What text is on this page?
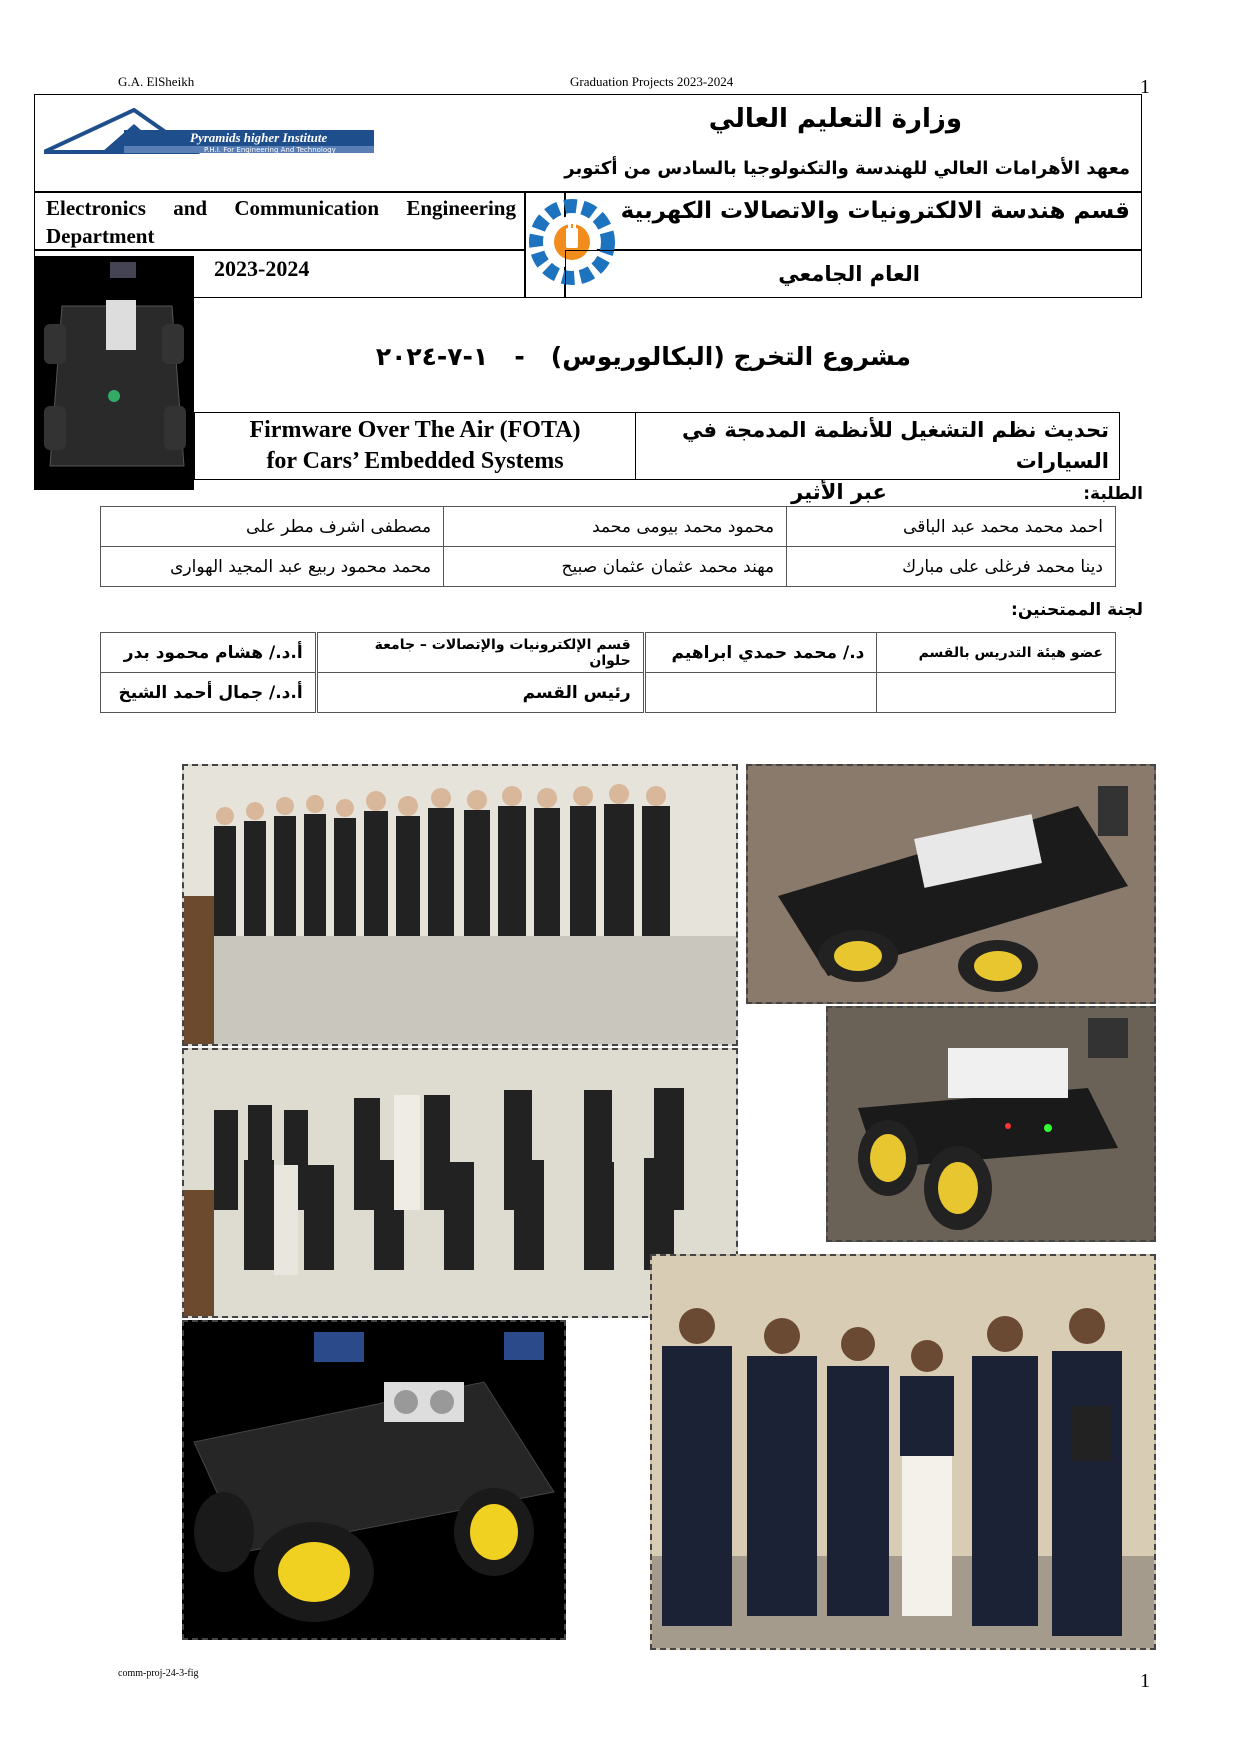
G.A. ElSheikh	Graduation Projects 2023-2024	1
Pyramids higher Institute
P.H.I. For Engineering And Technology
وزارة التعليم العالي
معهد الأهرامات العالي للهندسة والتكنولوجيا بالسادس من أكتوبر
Electronics and Communication Engineering Department
قسم هندسة الالكترونيات والاتصالات الكهربية
2023-2024	العام الجامعي
مشروع التخرج (البكالوريوس)   -   ١-٧-٢٠٢٤
Firmware Over The Air (FOTA)
for Cars’ Embedded Systems
تحديث نظم التشغيل للأنظمة المدمجة في السيارات
عبر الأثير	الطلبة:
مصطفى اشرف مطر على	محمود محمد بيومى محمد	احمد محمد محمد عبد الباقى
محمد محمود ربيع عبد المجيد الهوارى	مهند محمد عثمان عثمان صبيح	دينا محمد فرغلى على مبارك
لجنة الممتحنين:
أ.د./ هشام محمود بدر	قسم الإلكترونيات والإتصالات – جامعة حلوان	د./ محمد حمدي ابراهيم	عضو هيئة التدريس بالقسم
أ.د./ جمال أحمد الشيخ	رئيس القسم		
comm-proj-24-3-fig	1
